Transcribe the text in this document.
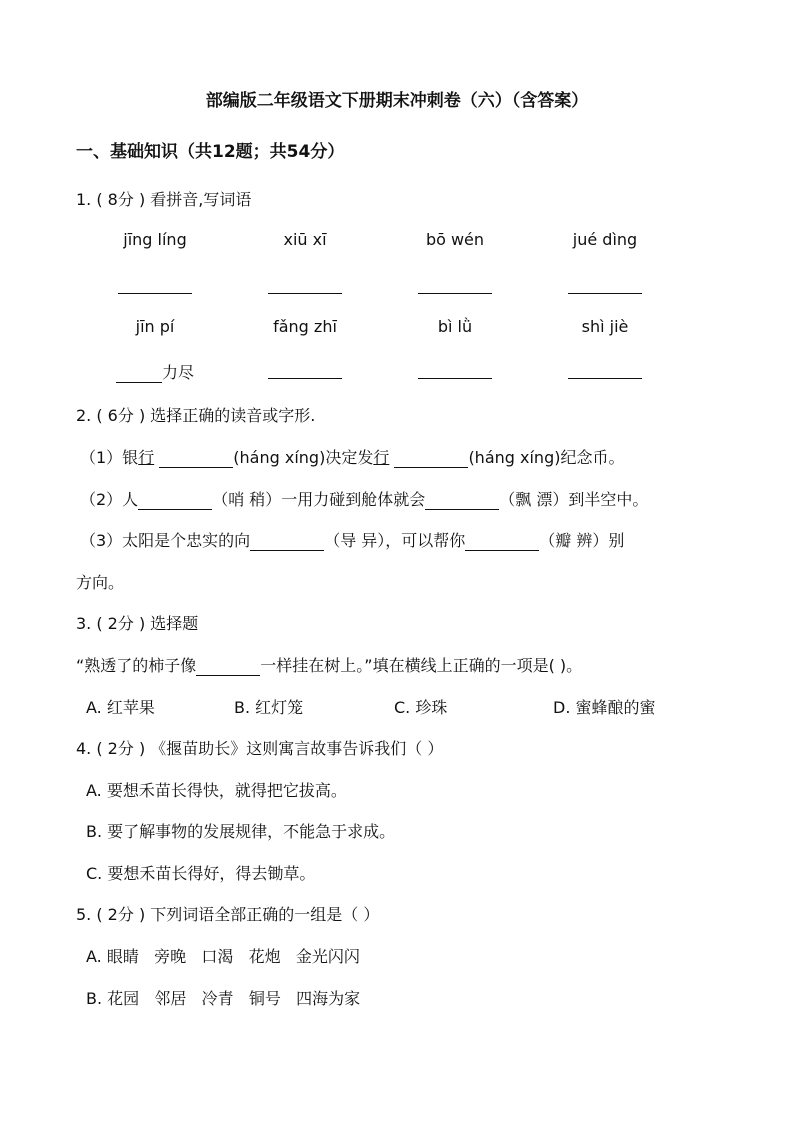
部编版二年级语文下册期末冲刺卷（六）（含答案）
一、基础知识（共12题；共54分）
1. ( 8分 ) 看拼音,写词语
jīng líng	xiū xī	bō wén	jué dìng
jīn pí	fǎng zhī	bì lǜ	shì jiè
力尽
2. ( 6分 ) 选择正确的读音或字形.
（1）银行	(háng xíng)决定发行	(háng xíng)纪念币。
（2）人	（哨 稍）一用力碰到舱体就会	（飘 漂）到半空中。
（3）太阳是个忠实的向	（导 异），可以帮你	（瓣 辨）别
方向。
3. ( 2分 ) 选择题
“熟透了的柿子像	一样挂在树上。”填在横线上正确的一项是( )。
A. 红苹果	B. 红灯笼	C. 珍珠	D. 蜜蜂酿的蜜
4. ( 2分 ) 《揠苗助长》这则寓言故事告诉我们（ ）
A. 要想禾苗长得快，就得把它拔高。
B. 要了解事物的发展规律，不能急于求成。
C. 要想禾苗长得好，得去锄草。
5. ( 2分 ) 下列词语全部正确的一组是（ ）
A. 眼睛   旁晚   口渴   花炮   金光闪闪
B. 花园   邻居   冷青   铜号   四海为家
